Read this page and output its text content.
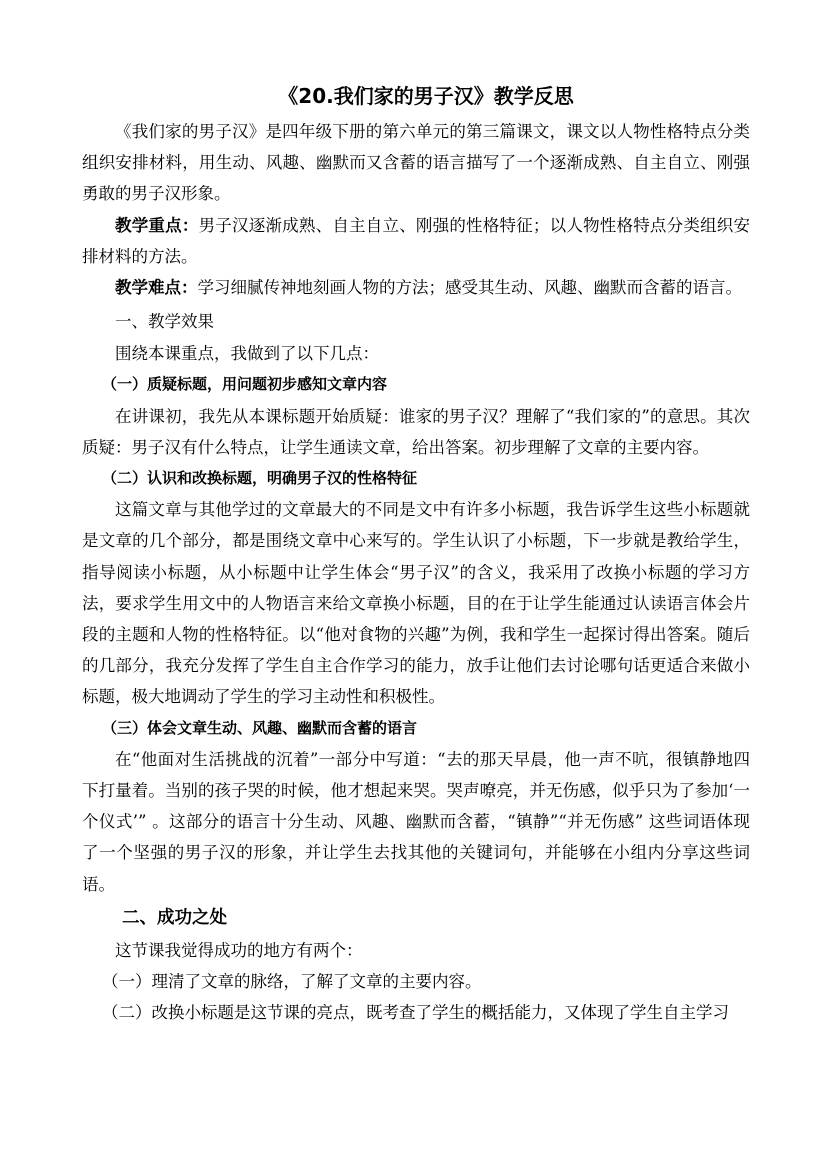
《20.我们家的男子汉》教学反思

《我们家的男子汉》是四年级下册的第六单元的第三篇课文，课文以人物性格特点分类组织安排材料，用生动、风趣、幽默而又含蓄的语言描写了一个逐渐成熟、自主自立、刚强勇敢的男子汉形象。

教学重点：男子汉逐渐成熟、自主自立、刚强的性格特征；以人物性格特点分类组织安排材料的方法。

教学难点：学习细腻传神地刻画人物的方法；感受其生动、风趣、幽默而含蓄的语言。

一、教学效果

围绕本课重点，我做到了以下几点：

（一）质疑标题，用问题初步感知文章内容

在讲课初，我先从本课标题开始质疑：谁家的男子汉？理解了“我们家的”的意思。其次质疑：男子汉有什么特点，让学生通读文章，给出答案。初步理解了文章的主要内容。

（二）认识和改换标题，明确男子汉的性格特征

这篇文章与其他学过的文章最大的不同是文中有许多小标题，我告诉学生这些小标题就是文章的几个部分，都是围绕文章中心来写的。学生认识了小标题，下一步就是教给学生，指导阅读小标题，从小标题中让学生体会“男子汉”的含义，我采用了改换小标题的学习方法，要求学生用文中的人物语言来给文章换小标题，目的在于让学生能通过认读语言体会片段的主题和人物的性格特征。以“他对食物的兴趣”为例，我和学生一起探讨得出答案。随后的几部分，我充分发挥了学生自主合作学习的能力，放手让他们去讨论哪句话更适合来做小标题，极大地调动了学生的学习主动性和积极性。

（三）体会文章生动、风趣、幽默而含蓄的语言

在“他面对生活挑战的沉着”一部分中写道：“去的那天早晨，他一声不吭，很镇静地四下打量着。当别的孩子哭的时候，他才想起来哭。哭声嘹亮，并无伤感，似乎只为了参加‘一个仪式’” 。这部分的语言十分生动、风趣、幽默而含蓄，“镇静”“并无伤感” 这些词语体现了一个坚强的男子汉的形象，并让学生去找其他的关键词句，并能够在小组内分享这些词语。

二、成功之处

这节课我觉得成功的地方有两个：

（一）理清了文章的脉络，了解了文章的主要内容。

（二）改换小标题是这节课的亮点，既考查了学生的概括能力，又体现了学生自主学习
